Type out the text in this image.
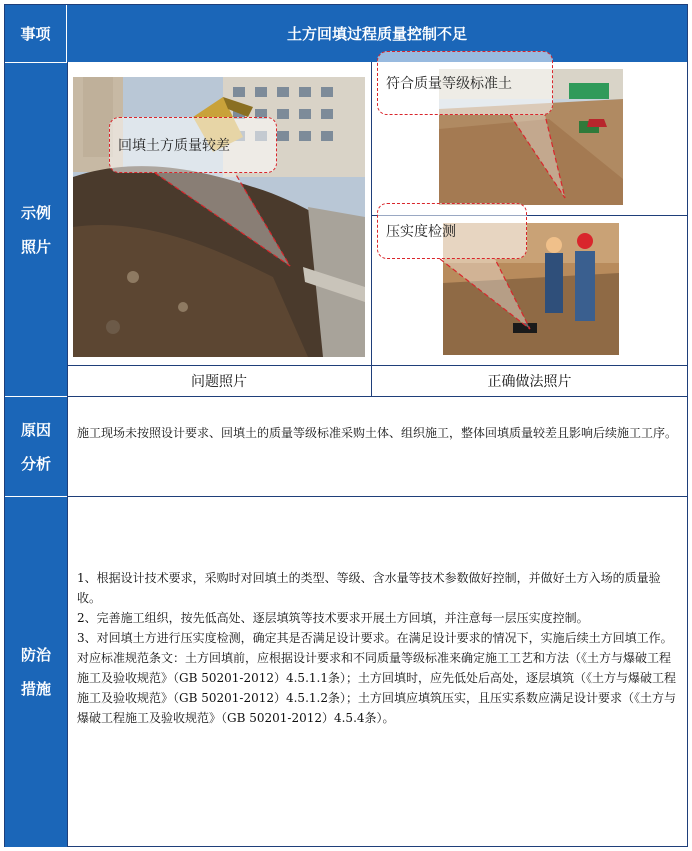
事项	土方回填过程质量控制不足
示例
照片
原因
分析
防治
措施
回填土方质量较差
符合质量等级标准土
压实度检测
问题照片	正确做法照片
施工现场未按照设计要求、回填土的质量等级标准采购土体、组织施工，整体回填质量较差且影响后续施工工序。

1、根据设计技术要求，采购时对回填土的类型、等级、含水量等技术参数做好控制，并做好土方入场的质量验收。

2、完善施工组织，按先低高处、逐层填筑等技术要求开展土方回填，并注意每一层压实度控制。

3、对回填土方进行压实度检测，确定其是否满足设计要求。在满足设计要求的情况下，实施后续土方回填工作。

对应标准规范条文：土方回填前，应根据设计要求和不同质量等级标准来确定施工工艺和方法（《土方与爆破工程施工及验收规范》（GB 50201-2012）4.5.1.1条）；土方回填时，应先低处后高处，逐层填筑（《土方与爆破工程施工及验收规范》（GB 50201-2012）4.5.1.2条）；土方回填应填筑压实，且压实系数应满足设计要求（《土方与爆破工程施工及验收规范》（GB 50201-2012）4.5.4条）。
